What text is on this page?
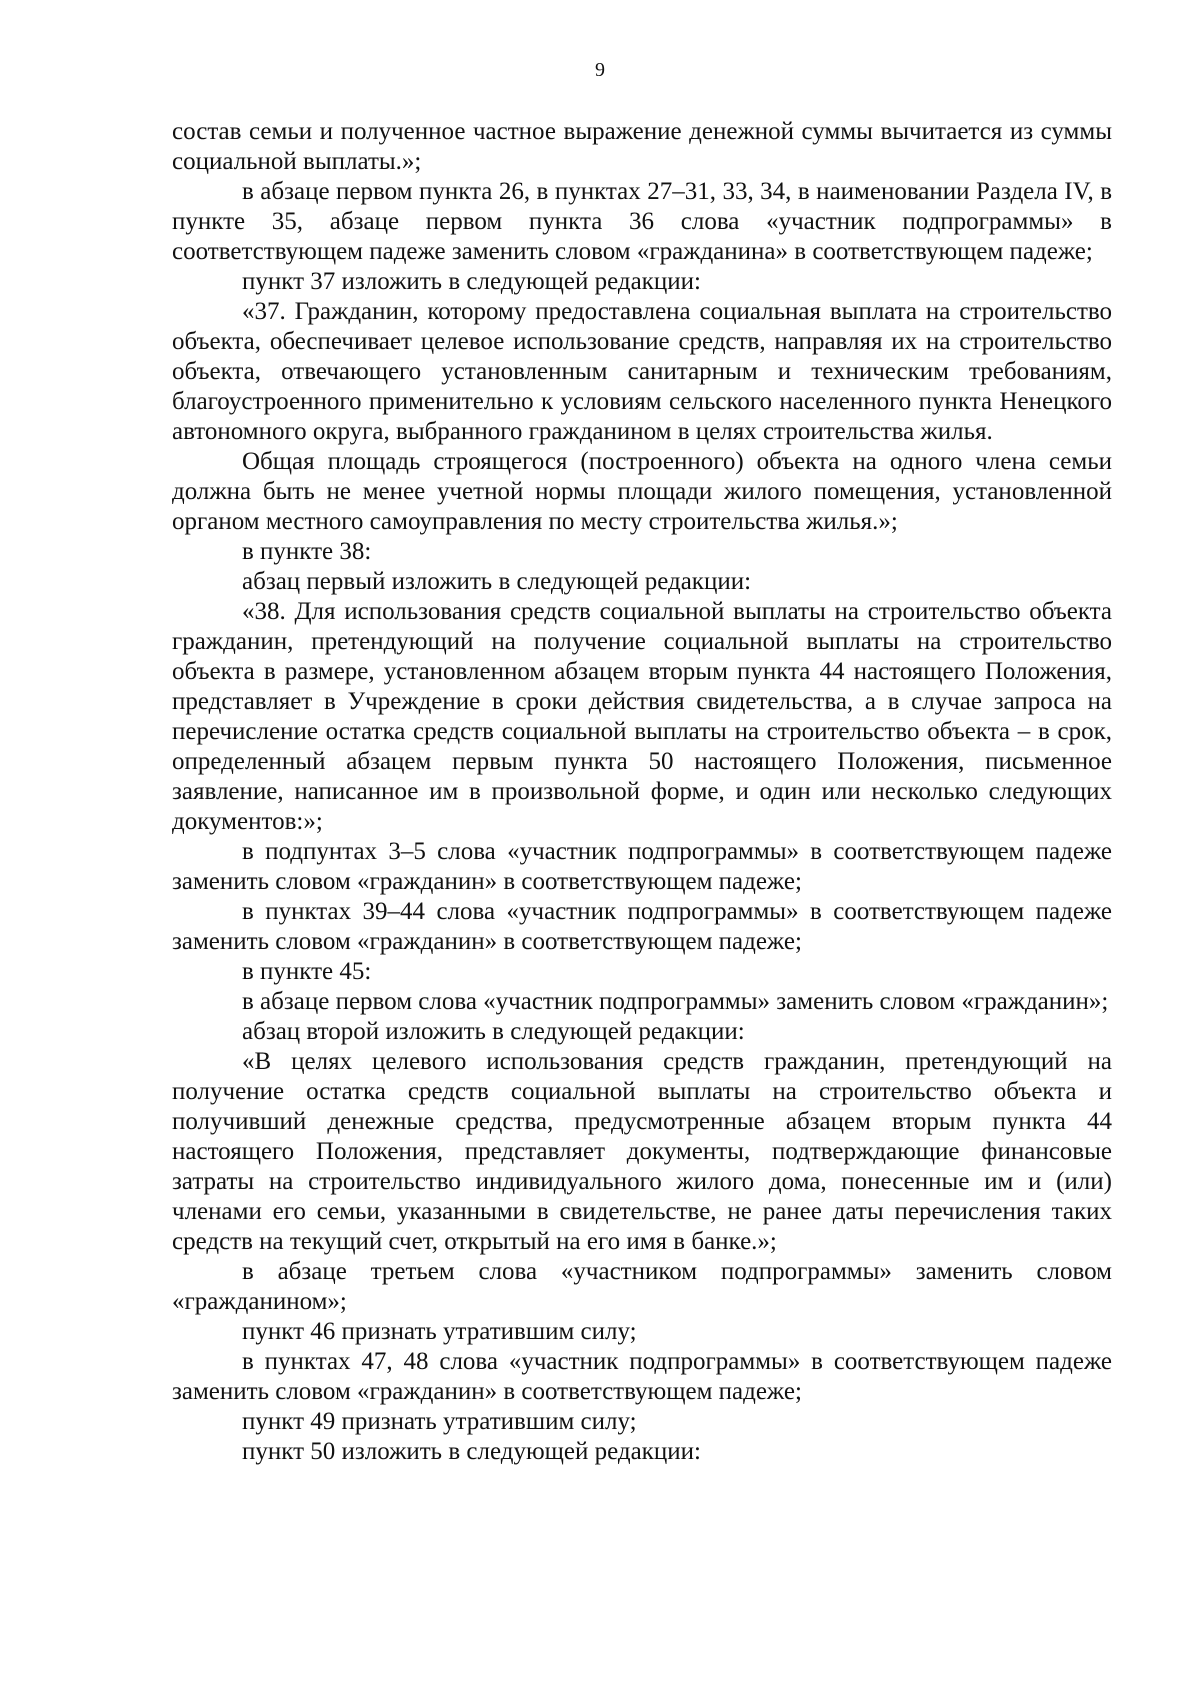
9

состав семьи и полученное частное выражение денежной суммы вычитается из суммы социальной выплаты.»;

в абзаце первом пункта 26, в пунктах 27–31, 33, 34, в наименовании Раздела IV, в пункте 35, абзаце первом пункта 36 слова «участник подпрограммы» в соответствующем падеже заменить словом «гражданина» в соответствующем падеже;

пункт 37 изложить в следующей редакции:

«37. Гражданин, которому предоставлена социальная выплата на строительство объекта, обеспечивает целевое использование средств, направляя их на строительство объекта, отвечающего установленным санитарным и техническим требованиям, благоустроенного применительно к условиям сельского населенного пункта Ненецкого автономного округа, выбранного гражданином в целях строительства жилья.

Общая площадь строящегося (построенного) объекта на одного члена семьи должна быть не менее учетной нормы площади жилого помещения, установленной органом местного самоуправления по месту строительства жилья.»;

в пункте 38:

абзац первый изложить в следующей редакции:

«38. Для использования средств социальной выплаты на строительство объекта гражданин, претендующий на получение социальной выплаты на строительство объекта в размере, установленном абзацем вторым пункта 44 настоящего Положения, представляет в Учреждение в сроки действия свидетельства, а в случае запроса на перечисление остатка средств социальной выплаты на строительство объекта – в срок, определенный абзацем первым пункта 50 настоящего Положения, письменное заявление, написанное им в произвольной форме, и один или несколько следующих документов:»;

в подпунтах 3–5 слова «участник подпрограммы» в соответствующем падеже заменить словом «гражданин» в соответствующем падеже;

в пунктах 39–44 слова «участник подпрограммы» в соответствующем падеже заменить словом «гражданин» в соответствующем падеже;

в пункте 45:

в абзаце первом слова «участник подпрограммы» заменить словом «гражданин»;

абзац второй изложить в следующей редакции:

«В целях целевого использования средств гражданин, претендующий на получение остатка средств социальной выплаты на строительство объекта и получивший денежные средства, предусмотренные абзацем вторым пункта 44 настоящего Положения, представляет документы, подтверждающие финансовые затраты на строительство индивидуального жилого дома, понесенные им и (или) членами его семьи, указанными в свидетельстве, не ранее даты перечисления таких средств на текущий счет, открытый на его имя в банке.»;

в абзаце третьем слова «участником подпрограммы» заменить словом «гражданином»;

пункт 46 признать утратившим силу;

в пунктах 47, 48 слова «участник подпрограммы» в соответствующем падеже заменить словом «гражданин» в соответствующем падеже;

пункт 49 признать утратившим силу;

пункт 50 изложить в следующей редакции:
